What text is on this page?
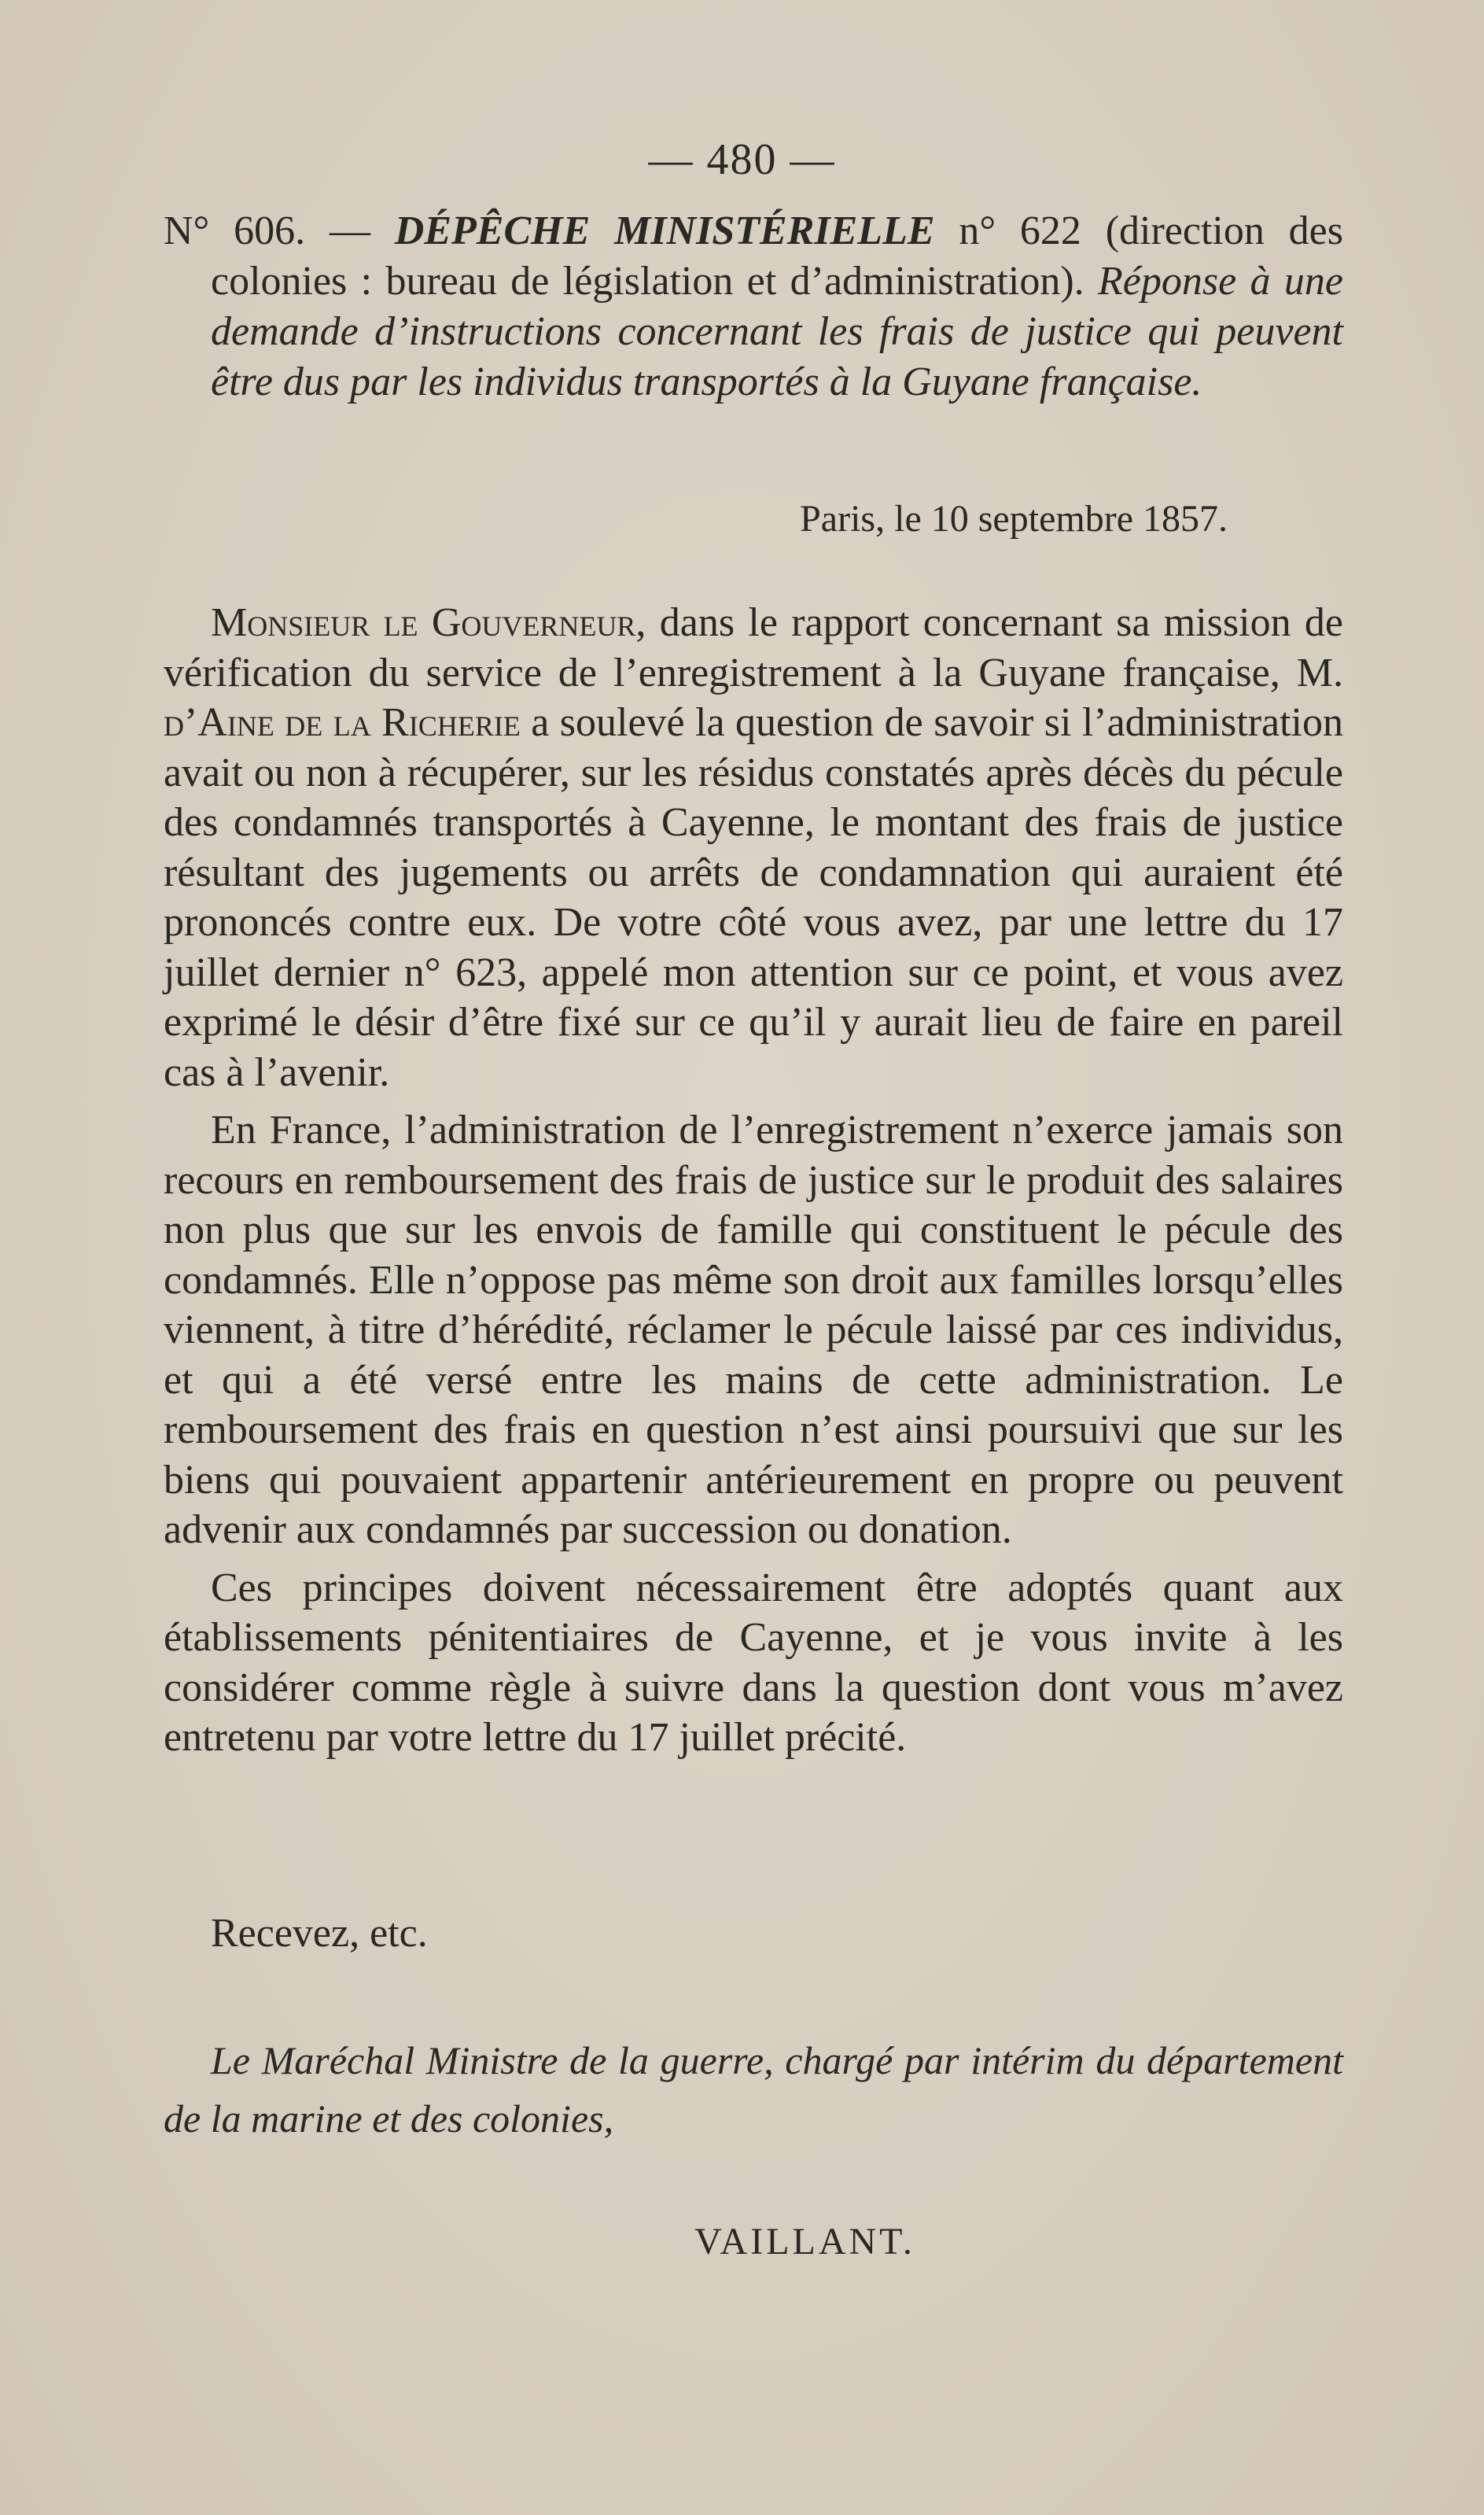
— 480 —

N° 606. — DÉPÊCHE MINISTÉRIELLE n° 622 (direction des colonies : bureau de législation et d’administration). Réponse à une demande d’instructions concernant les frais de justice qui peuvent être dus par les individus transportés à la Guyane française.

Paris, le 10 septembre 1857.

Monsieur le Gouverneur, dans le rapport concernant sa mission de vérification du service de l’enregistrement à la Guyane française, M. d’Aine de la Richerie a soulevé la question de savoir si l’administration avait ou non à récupérer, sur les résidus constatés après décès du pécule des condamnés transportés à Cayenne, le montant des frais de justice résultant des jugements ou arrêts de condamnation qui auraient été prononcés contre eux. De votre côté vous avez, par une lettre du 17 juillet dernier n° 623, appelé mon attention sur ce point, et vous avez exprimé le désir d’être fixé sur ce qu’il y aurait lieu de faire en pareil cas à l’avenir.

En France, l’administration de l’enregistrement n’exerce jamais son recours en remboursement des frais de justice sur le produit des salaires non plus que sur les envois de famille qui constituent le pécule des condamnés. Elle n’oppose pas même son droit aux familles lorsqu’elles viennent, à titre d’hérédité, réclamer le pécule laissé par ces individus, et qui a été versé entre les mains de cette administration. Le remboursement des frais en question n’est ainsi poursuivi que sur les biens qui pouvaient appartenir antérieurement en propre ou peuvent advenir aux condamnés par succession ou donation.

Ces principes doivent nécessairement être adoptés quant aux établissements pénitentiaires de Cayenne, et je vous invite à les considérer comme règle à suivre dans la question dont vous m’avez entretenu par votre lettre du 17 juillet précité.

Recevez, etc.
Le Maréchal Ministre de la guerre, chargé par intérim du département de la marine et des colonies,
VAILLANT.
